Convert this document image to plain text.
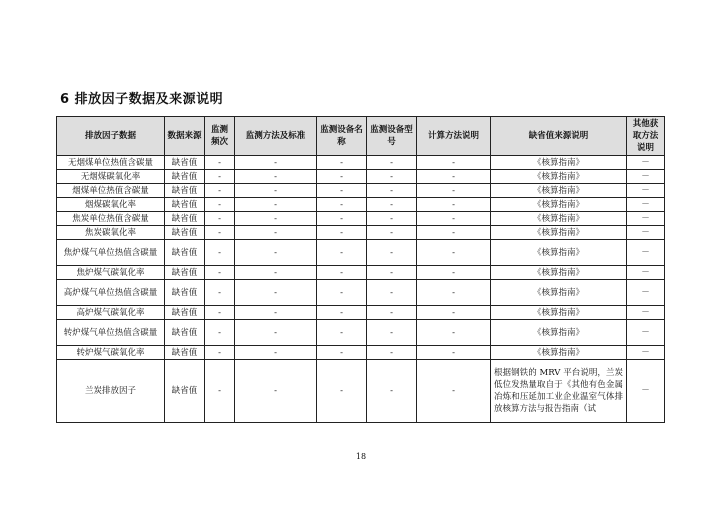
6 排放因子数据及来源说明
排放因子数据	数据来源	监测频次	监测方法及标准	监测设备名称	监测设备型号	计算方法说明	缺省值来源说明	其他获取方法说明
无烟煤单位热值含碳量	缺省值	-	-	-	-	-	《核算指南》	－
无烟煤碳氧化率	缺省值	-	-	-	-	-	《核算指南》	－
烟煤单位热值含碳量	缺省值	-	-	-	-	-	《核算指南》	－
烟煤碳氧化率	缺省值	-	-	-	-	-	《核算指南》	－
焦炭单位热值含碳量	缺省值	-	-	-	-	-	《核算指南》	－
焦炭碳氧化率	缺省值	-	-	-	-	-	《核算指南》	－
焦炉煤气单位热值含碳量	缺省值	-	-	-	-	-	《核算指南》	－
焦炉煤气碳氧化率	缺省值	-	-	-	-	-	《核算指南》	－
高炉煤气单位热值含碳量	缺省值	-	-	-	-	-	《核算指南》	－
高炉煤气碳氧化率	缺省值	-	-	-	-	-	《核算指南》	－
转炉煤气单位热值含碳量	缺省值	-	-	-	-	-	《核算指南》	－
转炉煤气碳氧化率	缺省值	-	-	-	-	-	《核算指南》	－
兰炭排放因子	缺省值	-	-	-	-	-	根据钢铁的 MRV 平台说明，兰炭低位发热量取自于《其他有色金属冶炼和压延加工业企业温室气体排放核算方法与报告指南（试	－
18
